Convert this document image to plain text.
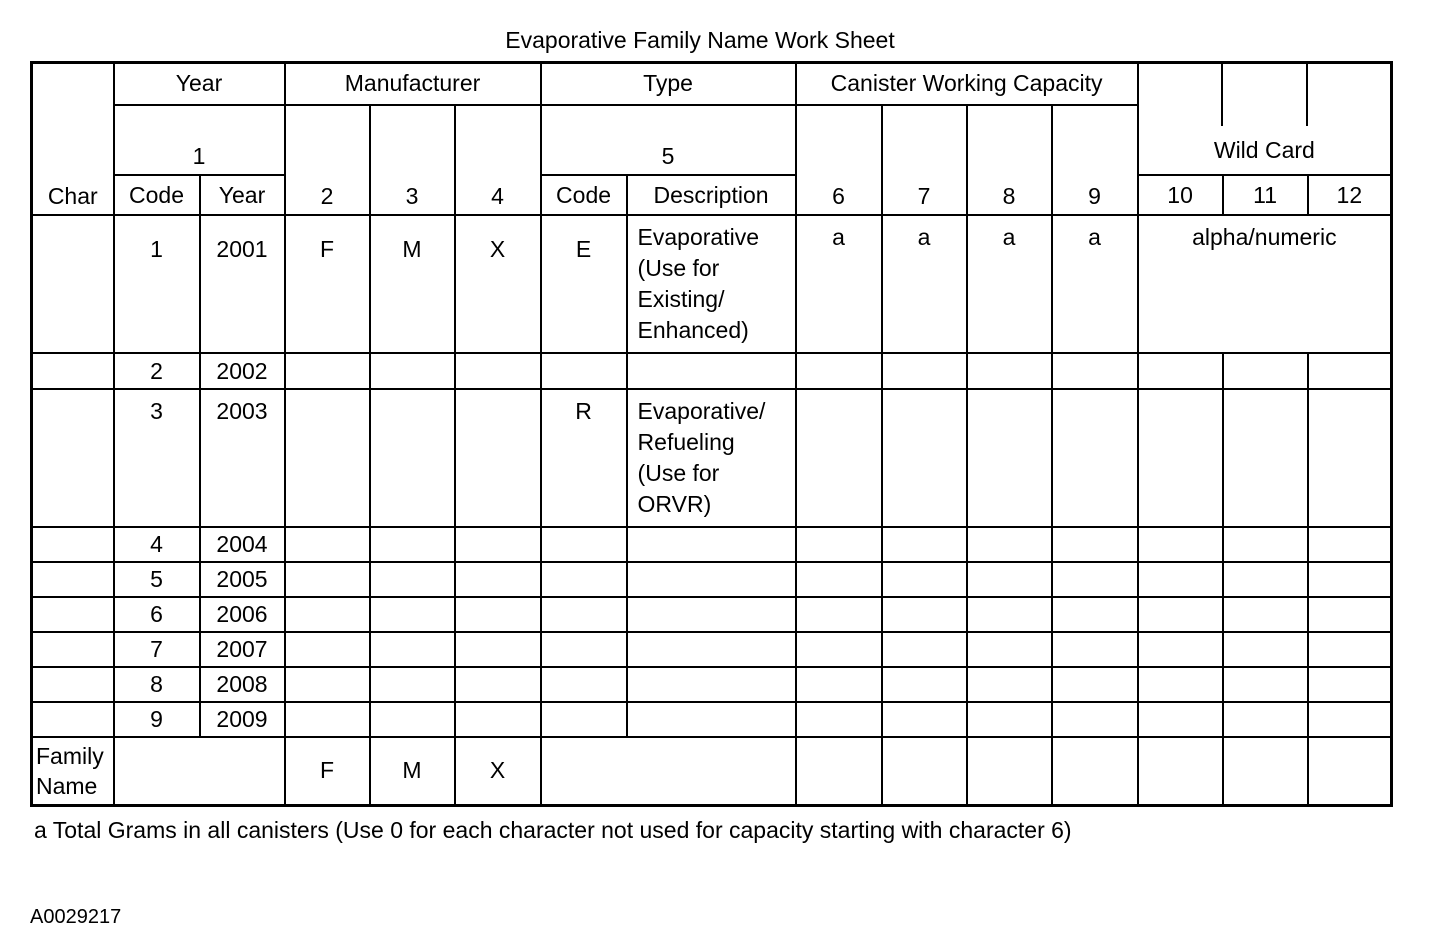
Evaporative Family Name Work Sheet
Char	Year		Manufacturer			Type		Canister Working Capacity				Wild Card		

	1		2	3	4	5		6	7	8	9			
	Code	Year				Code	Description					10	11	12
	1	2001	F	M	X	E	Evaporative
(Use for
Existing/
Enhanced)	a	a	a	a	alpha/numeric		
	2	2002												
	3	2003				R	Evaporative/
Refueling
(Use for
ORVR)							

	4	2004												
	5	2005												
	6	2006												
	7	2007												
	8	2008												
	9	2009												

Family
Name			F	M	X									
a Total Grams in all canisters (Use 0 for each character not used for capacity starting with character 6)
A0029217
